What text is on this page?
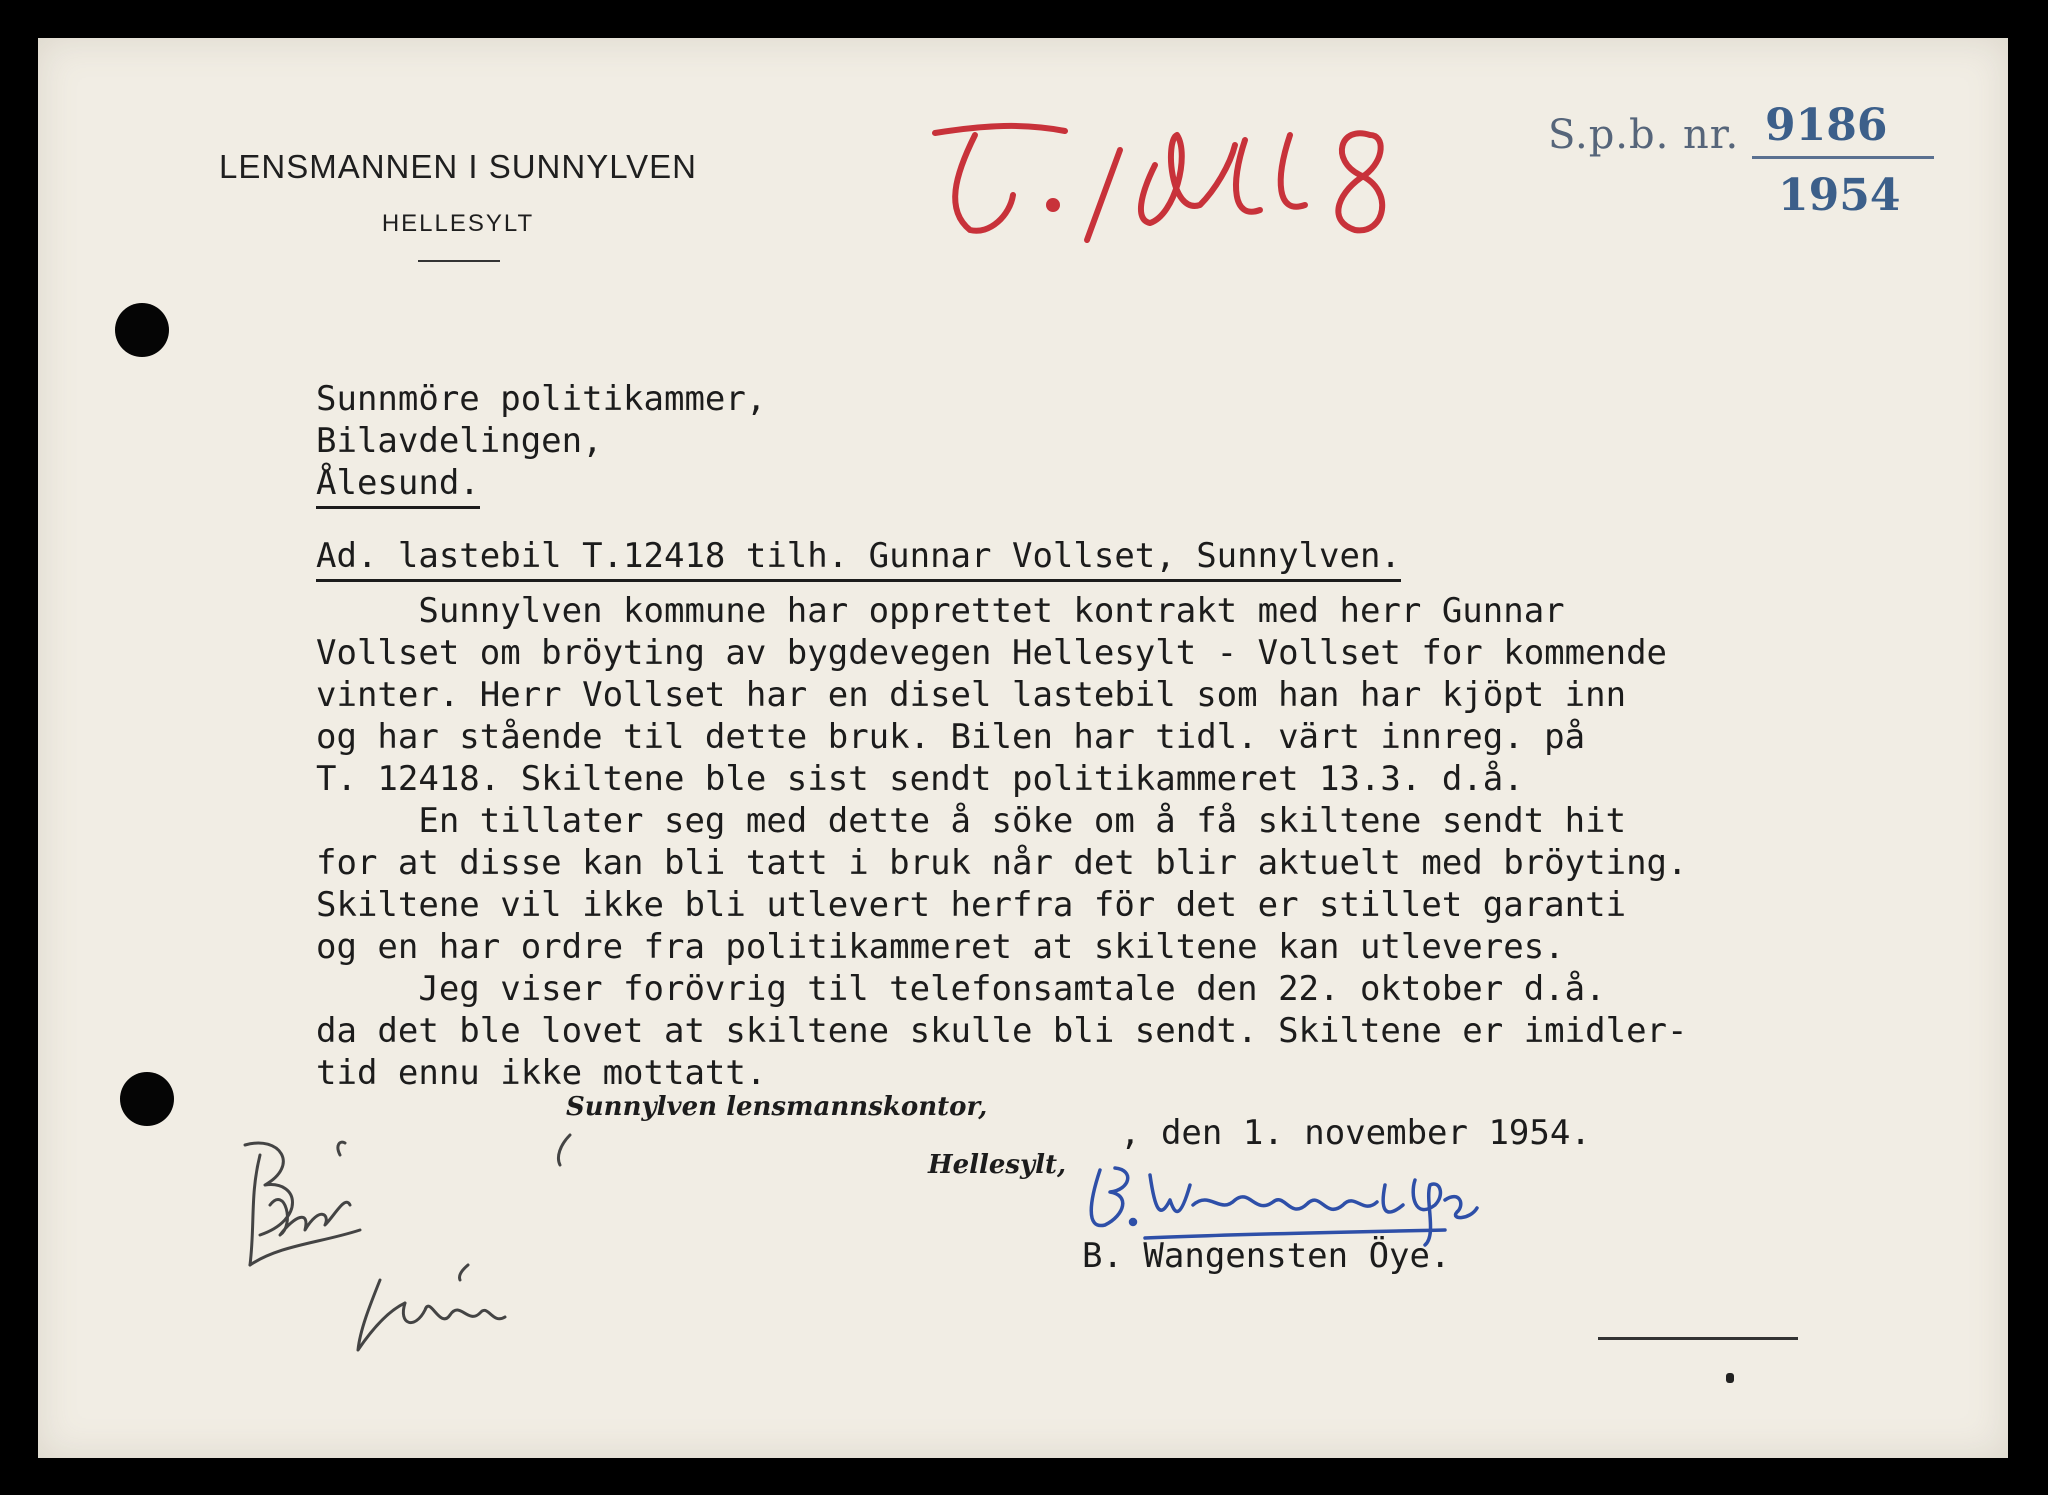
LENSMANNEN I SUNNYLVEN
HELLESYLT
T. 12418
S.p.b. nr. 9186
1954
Sunnmöre politikammer,
Bilavdelingen,
Ålesund.
Ad. lastebil T.12418 tilh. Gunnar Vollset, Sunnylven.
Sunnylven kommune har opprettet kontrakt med herr Gunnar
Vollset om bröyting av bygdevegen Hellesylt - Vollset for kommende
vinter. Herr Vollset har en disel lastebil som han har kjöpt inn
og har stående til dette bruk. Bilen har tidl. värt innreg. på
T. 12418. Skiltene ble sist sendt politikammeret 13.3. d.å.
En tillater seg med dette å söke om å få skiltene sendt hit
for at disse kan bli tatt i bruk når det blir aktuelt med bröyting.
Skiltene vil ikke bli utlevert herfra för det er stillet garanti
og en har ordre fra politikammeret at skiltene kan utleveres.
Jeg viser forövrig til telefonsamtale den 22. oktober d.å.
da det ble lovet at skiltene skulle bli sendt. Skiltene er imidler-
tid ennu ikke mottatt.
Sunnylven lensmannskontor,
Hellesylt,
, den 1. november 1954.
B. Wangensten Öye.
